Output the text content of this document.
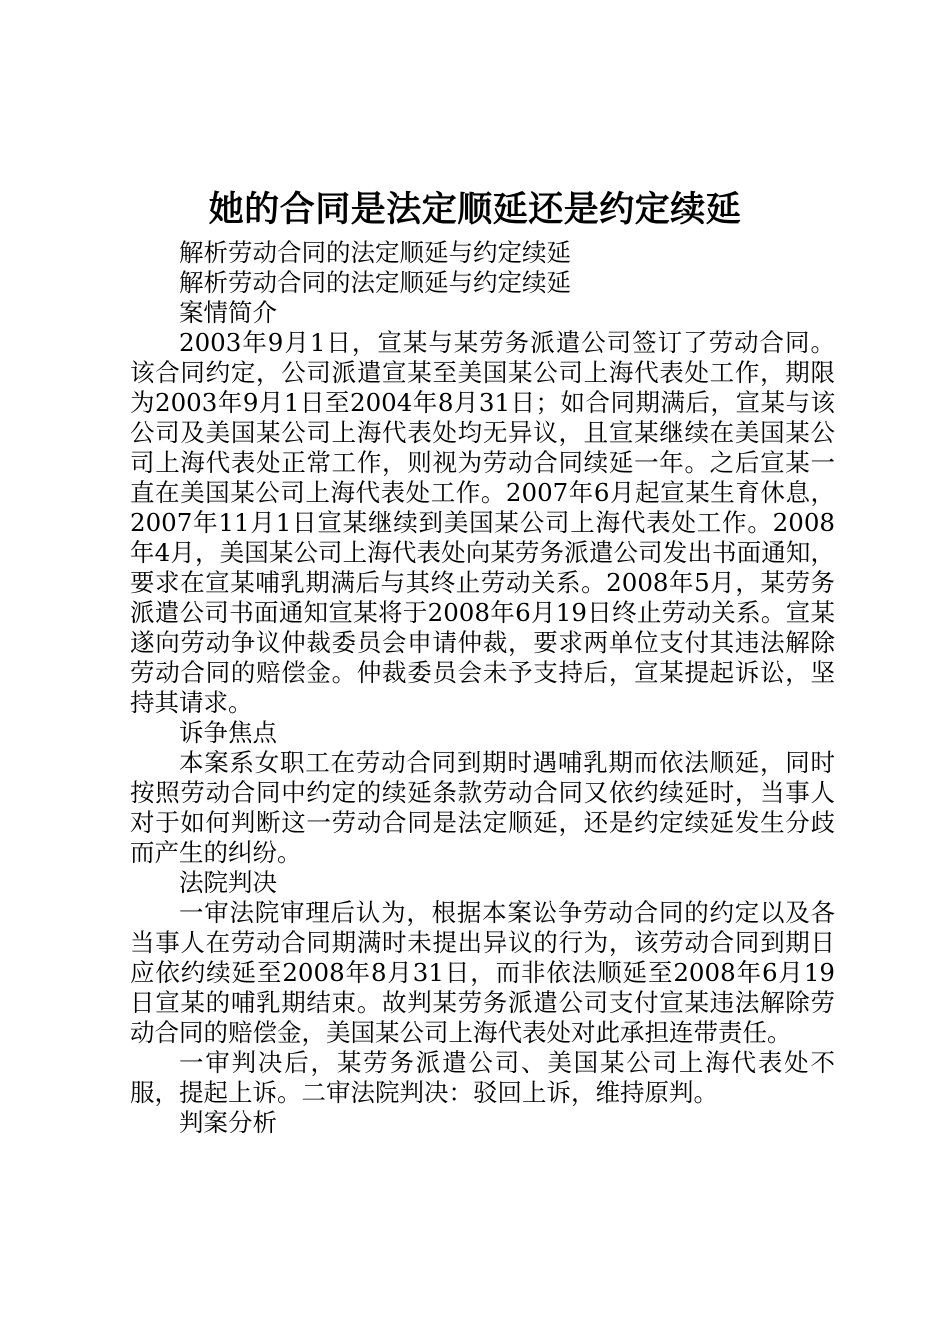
她的合同是法定顺延还是约定续延

解析劳动合同的法定顺延与约定续延

解析劳动合同的法定顺延与约定续延

案情简介

2003年9月1日，宣某与某劳务派遣公司签订了劳动合同。该合同约定，公司派遣宣某至美国某公司上海代表处工作，期限为2003年9月1日至2004年8月31日；如合同期满后，宣某与该公司及美国某公司上海代表处均无异议，且宣某继续在美国某公司上海代表处正常工作，则视为劳动合同续延一年。之后宣某一直在美国某公司上海代表处工作。2007年6月起宣某生育休息，2007年11月1日宣某继续到美国某公司上海代表处工作。2008年4月，美国某公司上海代表处向某劳务派遣公司发出书面通知，要求在宣某哺乳期满后与其终止劳动关系。2008年5月，某劳务派遣公司书面通知宣某将于2008年6月19日终止劳动关系。宣某遂向劳动争议仲裁委员会申请仲裁，要求两单位支付其违法解除劳动合同的赔偿金。仲裁委员会未予支持后，宣某提起诉讼，坚持其请求。

诉争焦点

本案系女职工在劳动合同到期时遇哺乳期而依法顺延，同时按照劳动合同中约定的续延条款劳动合同又依约续延时，当事人对于如何判断这一劳动合同是法定顺延，还是约定续延发生分歧而产生的纠纷。

法院判决

一审法院审理后认为，根据本案讼争劳动合同的约定以及各当事人在劳动合同期满时未提出异议的行为，该劳动合同到期日应依约续延至2008年8月31日，而非依法顺延至2008年6月19日宣某的哺乳期结束。故判某劳务派遣公司支付宣某违法解除劳动合同的赔偿金，美国某公司上海代表处对此承担连带责任。

一审判决后，某劳务派遣公司、美国某公司上海代表处不服，提起上诉。二审法院判决：驳回上诉，维持原判。

判案分析
